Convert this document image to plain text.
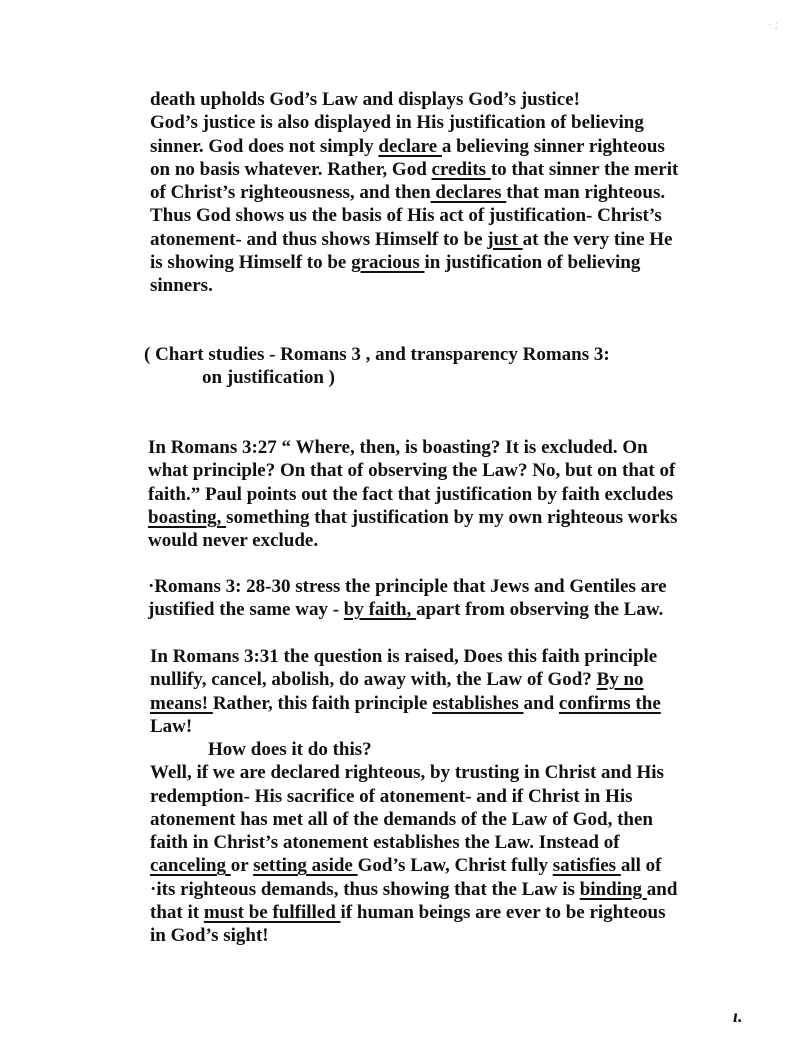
· ;
death upholds God’s Law and displays God’s justice!
God’s justice is also displayed in His justification of believing
sinner. God does not simply declare a believing sinner righteous
on no basis whatever. Rather, God credits to that sinner the merit
of Christ’s righteousness, and then declares that man righteous.
Thus God shows us the basis of His act of justification- Christ’s
atonement- and thus shows Himself to be just at the very tine He
is showing Himself to be gracious in justification of believing
sinners.
( Chart studies - Romans 3 , and transparency Romans 3:
on justification )
In Romans 3:27 “ Where, then, is boasting? It is excluded. On
what principle? On that of observing the Law? No, but on that of
faith.” Paul points out the fact that justification by faith excludes
boasting, something that justification by my own righteous works
would never exclude.
·Romans 3: 28-30 stress the principle that Jews and Gentiles are
justified the same way - by faith, apart from observing the Law.
In Romans 3:31 the question is raised, Does this faith principle
nullify, cancel, abolish, do away with, the Law of God? By no
means! Rather, this faith principle establishes and confirms the
Law!
How does it do this?
Well, if we are declared righteous, by trusting in Christ and His
redemption- His sacrifice of atonement- and if Christ in His
atonement has met all of the demands of the Law of God, then
faith in Christ’s atonement establishes the Law. Instead of
canceling or setting aside God’s Law, Christ fully satisfies all of
·its righteous demands, thus showing that the Law is binding and
that it must be fulfilled if human beings are ever to be righteous
in God’s sight!
ı.
